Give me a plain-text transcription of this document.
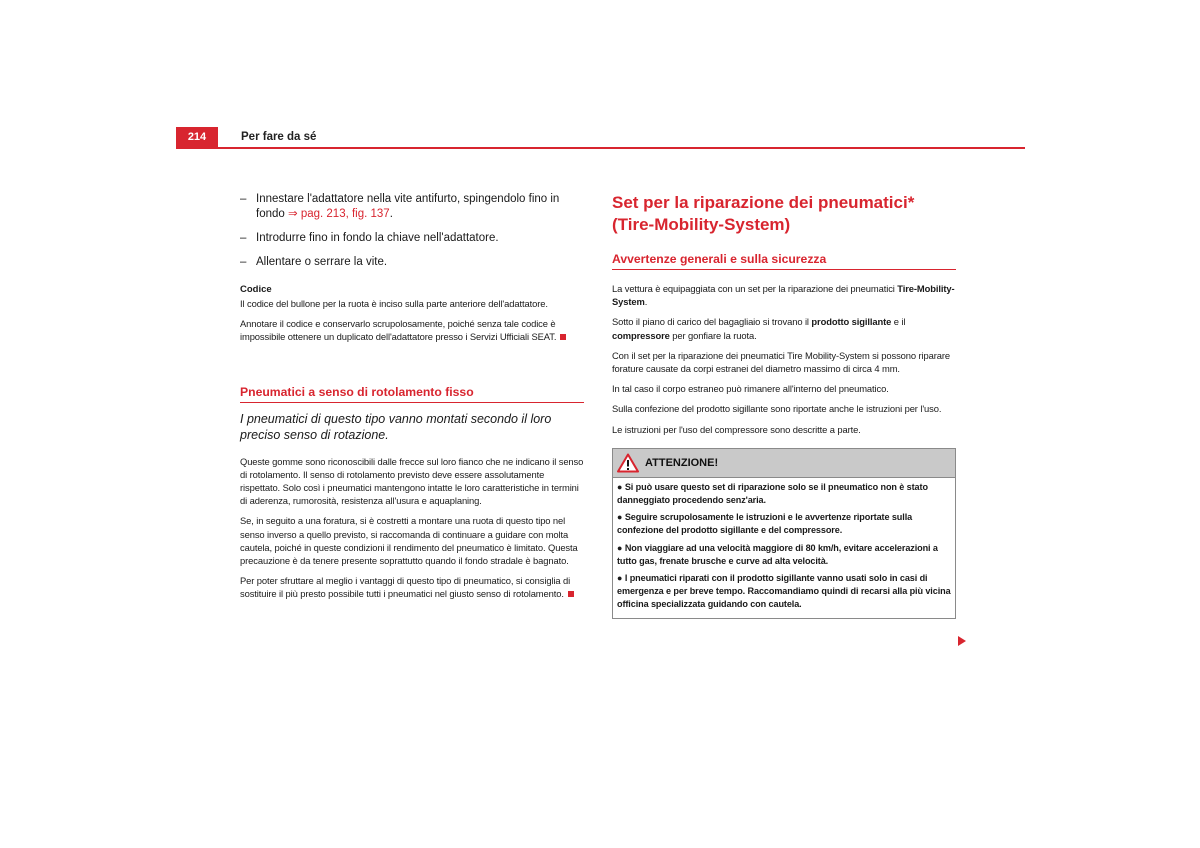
214	Per fare da sé
– Innestare l'adattatore nella vite antifurto, spingendolo fino in fondo ⇒ pag. 213, fig. 137.
– Introdurre fino in fondo la chiave nell'adattatore.
– Allentare o serrare la vite.
Codice

Il codice del bullone per la ruota è inciso sulla parte anteriore dell'adattatore.

Annotare il codice e conservarlo scrupolosamente, poiché senza tale codice è impossibile ottenere un duplicato dell'adattatore presso i Servizi Ufficiali SEAT.

Pneumatici a senso di rotolamento fisso

I pneumatici di questo tipo vanno montati secondo il loro preciso senso di rotazione.

Queste gomme sono riconoscibili dalle frecce sul loro fianco che ne indicano il senso di rotolamento. Il senso di rotolamento previsto deve essere assolutamente rispettato. Solo così i pneumatici mantengono intatte le loro caratteristiche in termini di aderenza, rumorosità, resistenza all'usura e aquaplaning.

Se, in seguito a una foratura, si è costretti a montare una ruota di questo tipo nel senso inverso a quello previsto, si raccomanda di continuare a guidare con molta cautela, poiché in queste condizioni il rendimento del pneumatico è limitato. Questa precauzione è da tenere presente soprattutto quando il fondo stradale è bagnato.

Per poter sfruttare al meglio i vantaggi di questo tipo di pneumatico, si consiglia di sostituire il più presto possibile tutti i pneumatici nel giusto senso di rotolamento.

Set per la riparazione dei pneumatici* (Tire-Mobility-System)
Avvertenze generali e sulla sicurezza

La vettura è equipaggiata con un set per la riparazione dei pneumatici Tire-Mobility-System.

Sotto il piano di carico del bagagliaio si trovano il prodotto sigillante e il compressore per gonfiare la ruota.

Con il set per la riparazione dei pneumatici Tire Mobility-System si possono riparare forature causate da corpi estranei del diametro massimo di circa 4 mm.

In tal caso il corpo estraneo può rimanere all'interno del pneumatico.

Sulla confezione del prodotto sigillante sono riportate anche le istruzioni per l'uso.

Le istruzioni per l'uso del compressore sono descritte a parte.

ATTENZIONE!

● Si può usare questo set di riparazione solo se il pneumatico non è stato danneggiato procedendo senz'aria.

● Seguire scrupolosamente le istruzioni e le avvertenze riportate sulla confezione del prodotto sigillante e del compressore.

● Non viaggiare ad una velocità maggiore di 80 km/h, evitare accelerazioni a tutto gas, frenate brusche e curve ad alta velocità.

● I pneumatici riparati con il prodotto sigillante vanno usati solo in casi di emergenza e per breve tempo. Raccomandiamo quindi di recarsi alla più vicina officina specializzata guidando con cautela.
